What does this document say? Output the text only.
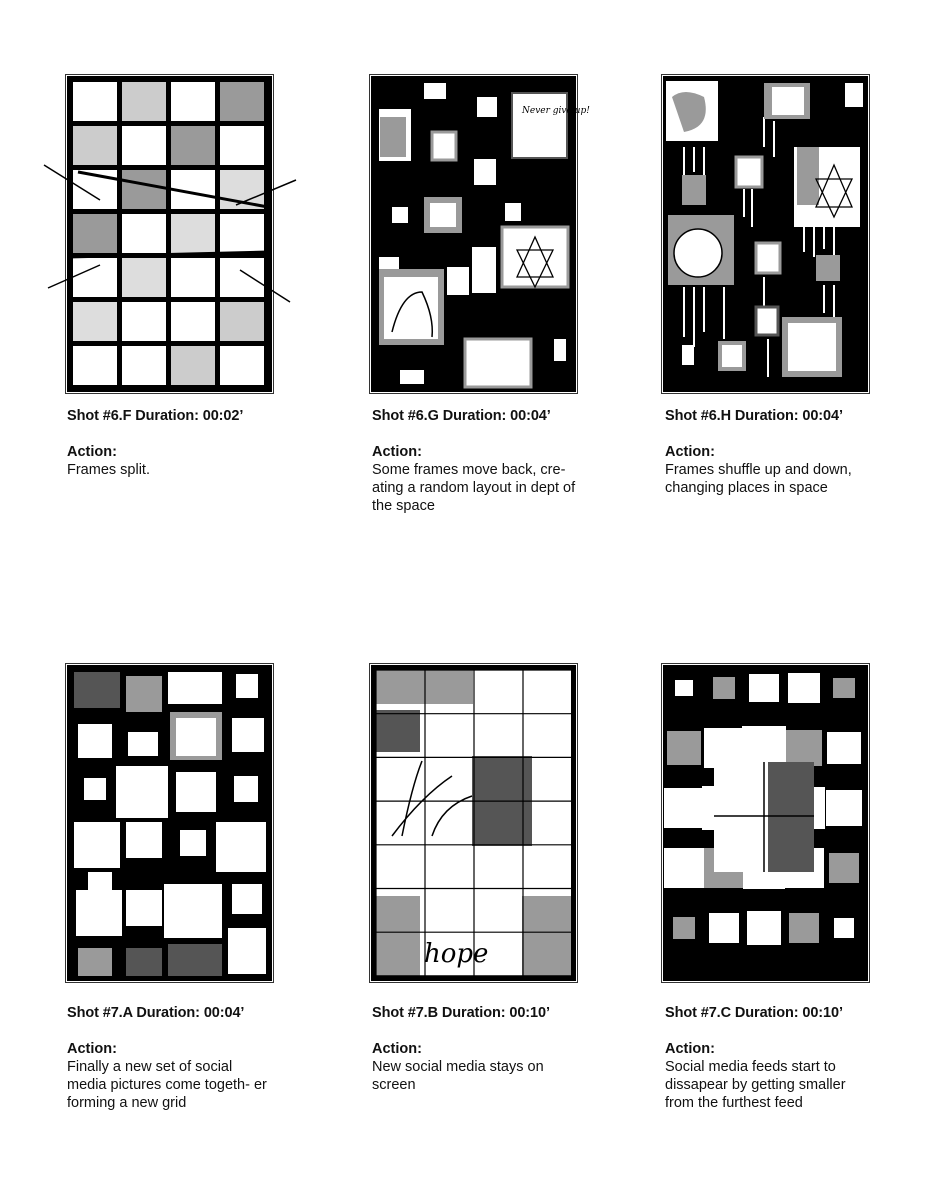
Never give up!
hope
Shot #6.F Duration: 00:02’
Action:
Frames split.
Shot #6.G Duration: 00:04’
Action:
Some frames move back, cre- ating a random layout in dept of the space
Shot #6.H Duration: 00:04’
Action:
Frames shuffle up and down, changing places in space
Shot #7.A Duration: 00:04’
Action:
Finally a new set of social media pictures come togeth- er forming a new grid
Shot #7.B Duration: 00:10’
Action:
New social media stays on screen
Shot #7.C Duration: 00:10’
Action:
Social media feeds start to dissapear by getting smaller from the furthest feed
